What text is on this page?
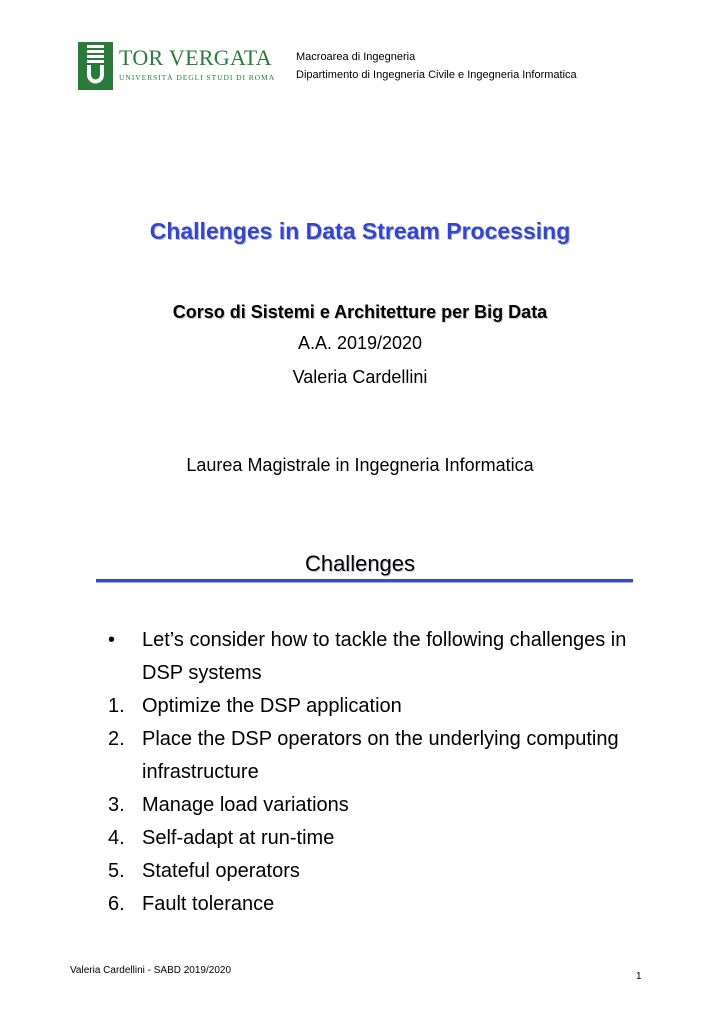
TOR VERGATA
UNIVERSITÀ DEGLI STUDI DI ROMA
Macroarea di Ingegneria
Dipartimento di Ingegneria Civile e Ingegneria Informatica
Challenges in Data Stream Processing
Corso di Sistemi e Architetture per Big Data
A.A. 2019/2020
Valeria Cardellini
Laurea Magistrale in Ingegneria Informatica
Challenges
• Let’s consider how to tackle the following challenges in DSP systems
1. Optimize the DSP application
2. Place the DSP operators on the underlying computing infrastructure
3. Manage load variations
4. Self-adapt at run-time
5. Stateful operators
6. Fault tolerance
Valeria Cardellini - SABD 2019/2020
1
